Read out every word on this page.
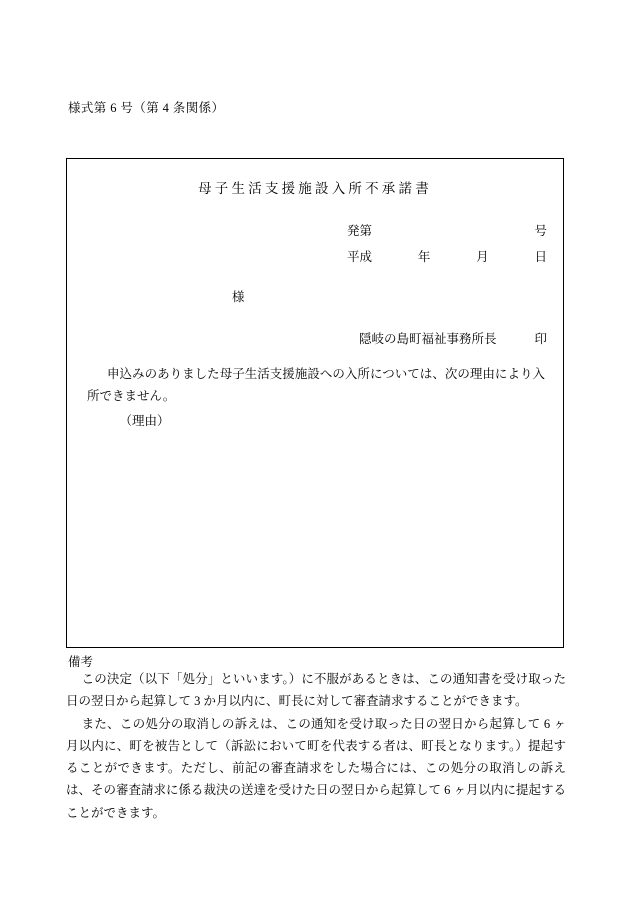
様式第 6 号（第 4 条関係）
母子生活支援施設入所不承諾書
発第	号
平成	年	月	日
様
隠岐の島町福祉事務所長	印
申込みのありました母子生活支援施設への入所については、次の理由により入所できません。
（理由）
備考

この決定（以下「処分」といいます。）に不服があるときは、この通知書を受け取った日の翌日から起算して 3 か月以内に、町長に対して審査請求することができます。

また、この処分の取消しの訴えは、この通知を受け取った日の翌日から起算して 6 ヶ月以内に、町を被告として（訴訟において町を代表する者は、町長となります。）提起することができます。ただし、前記の審査請求をした場合には、この処分の取消しの訴えは、その審査請求に係る裁決の送達を受けた日の翌日から起算して 6 ヶ月以内に提起することができます。
